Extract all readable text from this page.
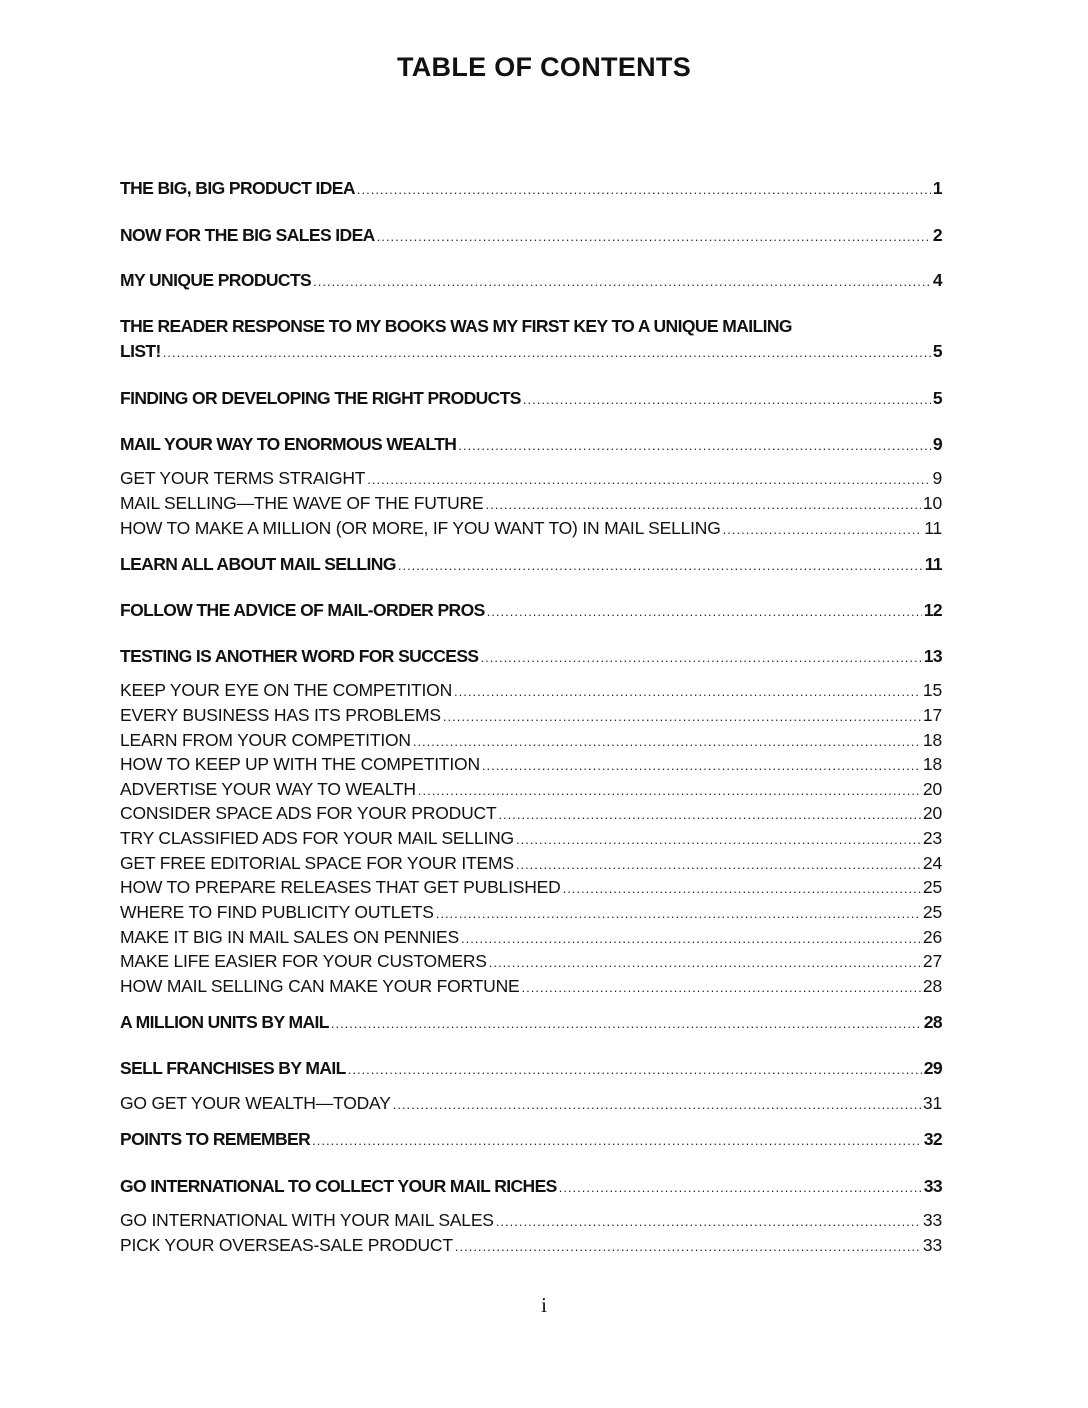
TABLE OF CONTENTS
THE BIG, BIG PRODUCT IDEA .....	1
NOW FOR THE BIG SALES IDEA .....	2
MY UNIQUE PRODUCTS .....	4
THE READER RESPONSE TO MY BOOKS WAS MY FIRST KEY TO A UNIQUE MAILING
LIST! .....	5
FINDING OR DEVELOPING THE RIGHT PRODUCTS .....	5
MAIL YOUR WAY TO ENORMOUS WEALTH .....	9
GET YOUR TERMS STRAIGHT .....	9
MAIL SELLING—THE WAVE OF THE FUTURE .....	10
HOW TO MAKE A MILLION (OR MORE, IF YOU WANT TO) IN MAIL SELLING .....	11
LEARN ALL ABOUT MAIL SELLING .....	11
FOLLOW THE ADVICE OF MAIL-ORDER PROS .....	12
TESTING IS ANOTHER WORD FOR SUCCESS .....	13
KEEP YOUR EYE ON THE COMPETITION .....	15
EVERY BUSINESS HAS ITS PROBLEMS .....	17
LEARN FROM YOUR COMPETITION .....	18
HOW TO KEEP UP WITH THE COMPETITION .....	18
ADVERTISE YOUR WAY TO WEALTH .....	20
CONSIDER SPACE ADS FOR YOUR PRODUCT .....	20
TRY CLASSIFIED ADS FOR YOUR MAIL SELLING .....	23
GET FREE EDITORIAL SPACE FOR YOUR ITEMS .....	24
HOW TO PREPARE RELEASES THAT GET PUBLISHED .....	25
WHERE TO FIND PUBLICITY OUTLETS .....	25
MAKE IT BIG IN MAIL SALES ON PENNIES .....	26
MAKE LIFE EASIER FOR YOUR CUSTOMERS .....	27
HOW MAIL SELLING CAN MAKE YOUR FORTUNE .....	28
A MILLION UNITS BY MAIL .....	28
SELL FRANCHISES BY MAIL .....	29
GO GET YOUR WEALTH—TODAY .....	31
POINTS TO REMEMBER .....	32
GO INTERNATIONAL TO COLLECT YOUR MAIL RICHES .....	33
GO INTERNATIONAL WITH YOUR MAIL SALES .....	33
PICK YOUR OVERSEAS-SALE PRODUCT .....	33
i
